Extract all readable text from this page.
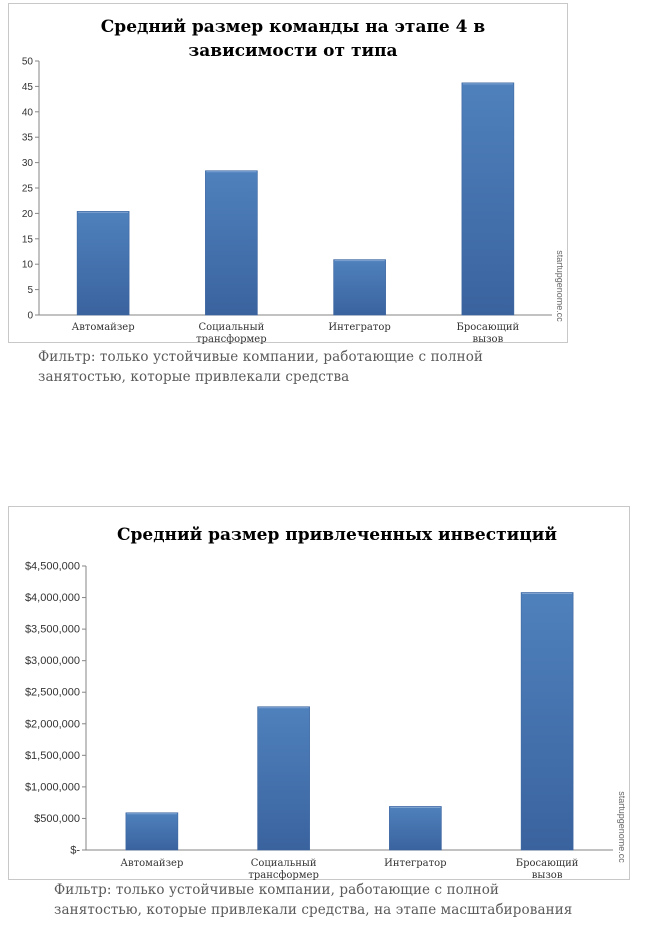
Средний размер команды на этапе 4 в
зависимости от типа
0
5
10
15
20
25
30
35
40
45
50
Автомайзер	Социальный
трансформер
Интегратор	Бросающий
вызов
startupgenome.cc
Фильтр: только устойчивые компании, работающие с полной
занятостью, которые привлекали средства
Средний размер привлеченных инвестиций
$-
$500,000
$1,000,000
$1,500,000
$2,000,000
$2,500,000
$3,000,000
$3,500,000
$4,000,000
$4,500,000
Автомайзер	Социальный
трансформер
Интегратор	Бросающий
вызов
startupgenome.cc
Фильтр: только устойчивые компании, работающие с полной
занятостью, которые привлекали средства, на этапе масштабирования
